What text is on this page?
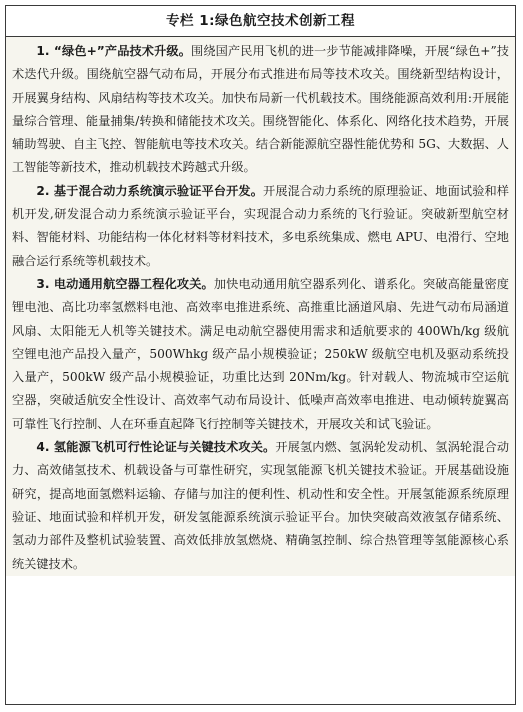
专栏 1:绿色航空技术创新工程

1. “绿色+”产品技术升级。围绕国产民用飞机的进一步节能减排降噪，开展“绿色+”技术迭代升级。围绕航空器气动布局，开展分布式推进布局等技术攻关。围绕新型结构设计，开展翼身结构、风扇结构等技术攻关。加快布局新一代机载技术。围绕能源高效利用:开展能量综合管理、能量捕集/转换和储能技术攻关。围绕智能化、体系化、网络化技术趋势，开展辅助驾驶、自主飞控、智能航电等技术攻关。结合新能源航空器性能优势和 5G、大数据、人工智能等新技术，推动机载技术跨越式升级。

2. 基于混合动力系统演示验证平台开发。开展混合动力系统的原理验证、地面试验和样机开发,研发混合动力系统演示验证平台，实现混合动力系统的飞行验证。突破新型航空材料、智能材料、功能结构一体化材料等材料技术，多电系统集成、燃电 APU、电滑行、空地融合运行系统等机载技术。

3. 电动通用航空器工程化攻关。加快电动通用航空器系列化、谱系化。突破高能量密度锂电池、高比功率氢燃料电池、高效率电推进系统、高推重比涵道风扇、先进气动布局涵道风扇、太阳能无人机等关键技术。满足电动航空器使用需求和适航要求的 400Wh/kg 级航空锂电池产品投入量产，500Whkg 级产品小规模验证；250kW 级航空电机及驱动系统投入量产，500kW 级产品小规模验证，功重比达到 20Nm/kg。针对载人、物流城市空运航空器，突破适航安全性设计、高效率气动布局设计、低噪声高效率电推进、电动倾转旋翼高可靠性飞行控制、人在环垂直起降飞行控制等关键技术，开展攻关和试飞验证。

4. 氢能源飞机可行性论证与关键技术攻关。开展氢内燃、氢涡轮发动机、氢涡轮混合动力、高效储氢技术、机载设备与可靠性研究，实现氢能源飞机关键技术验证。开展基础设施研究，提高地面氢燃料运输、存储与加注的便利性、机动性和安全性。开展氢能源系统原理验证、地面试验和样机开发，研发氢能源系统演示验证平台。加快突破高效液氢存储系统、氢动力部件及整机试验装置、高效低排放氢燃烧、精确氢控制、综合热管理等氢能源核心系统关键技术。
